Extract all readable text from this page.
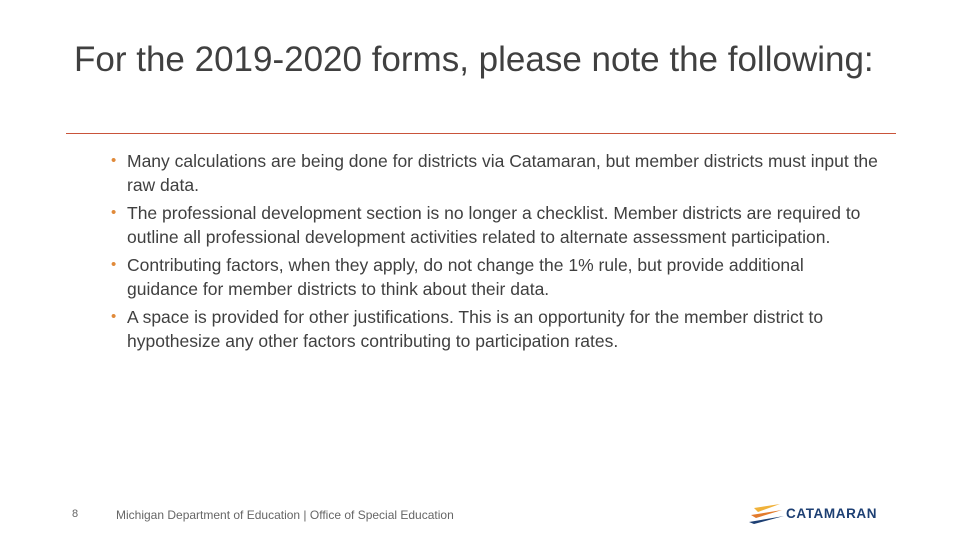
For the 2019-2020 forms, please note the following:
• Many calculations are being done for districts via Catamaran, but member districts must input the raw data.
• The professional development section is no longer a checklist. Member districts are required to outline all professional development activities related to alternate assessment participation.
• Contributing factors, when they apply, do not change the 1% rule, but provide additional guidance for member districts to think about their data.
• A space is provided for other justifications. This is an opportunity for the member district to hypothesize any other factors contributing to participation rates.
8	Michigan Department of Education | Office of Special Education	CATAMARAN
